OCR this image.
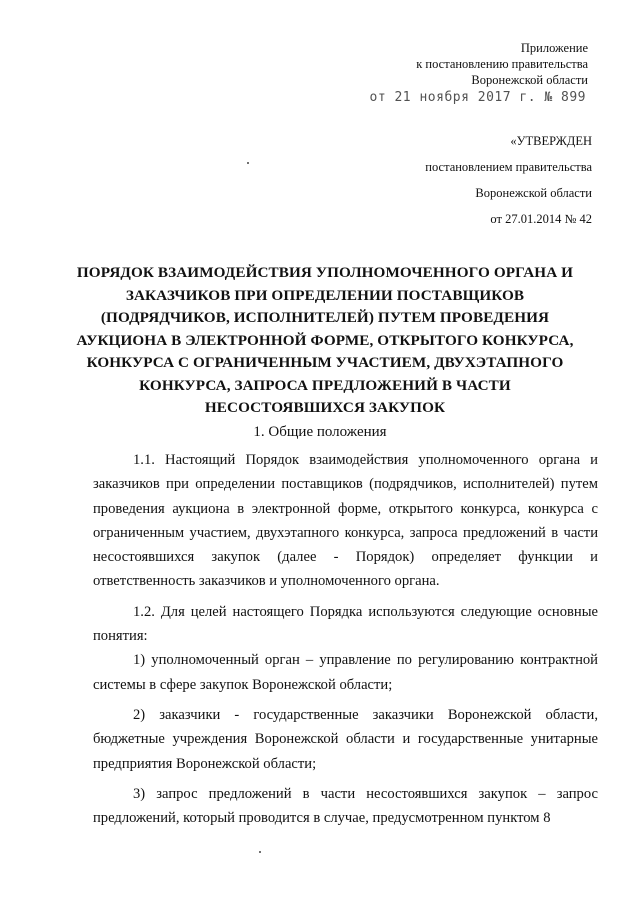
Приложение
к постановлению правительства
Воронежской области
от 21 ноября 2017 г. № 899
«УТВЕРЖДЕН
постановлением правительства
Воронежской области
от 27.01.2014 № 42
ПОРЯДОК ВЗАИМОДЕЙСТВИЯ УПОЛНОМОЧЕННОГО ОРГАНА И ЗАКАЗЧИКОВ ПРИ ОПРЕДЕЛЕНИИ ПОСТАВЩИКОВ (ПОДРЯДЧИКОВ, ИСПОЛНИТЕЛЕЙ) ПУТЕМ ПРОВЕДЕНИЯ АУКЦИОНА В ЭЛЕКТРОННОЙ ФОРМЕ, ОТКРЫТОГО КОНКУРСА, КОНКУРСА С ОГРАНИЧЕННЫМ УЧАСТИЕМ, ДВУХЭТАПНОГО КОНКУРСА, ЗАПРОСА ПРЕДЛОЖЕНИЙ В ЧАСТИ НЕСОСТОЯВШИХСЯ ЗАКУПОК
1. Общие положения

1.1. Настоящий Порядок взаимодействия уполномоченного органа и заказчиков при определении поставщиков (подрядчиков, исполнителей) путем проведения аукциона в электронной форме, открытого конкурса, конкурса с ограниченным участием, двухэтапного конкурса, запроса предложений в части несостоявшихся закупок (далее - Порядок) определяет функции и ответственность заказчиков и уполномоченного органа.

1.2. Для целей настоящего Порядка используются следующие основные понятия:

1) уполномоченный орган – управление по регулированию контрактной системы в сфере закупок Воронежской области;

2) заказчики - государственные заказчики Воронежской области, бюджетные учреждения Воронежской области и государственные унитарные предприятия Воронежской области;

3) запрос предложений в части несостоявшихся закупок – запрос предложений, который проводится в случае, предусмотренном пунктом 8
